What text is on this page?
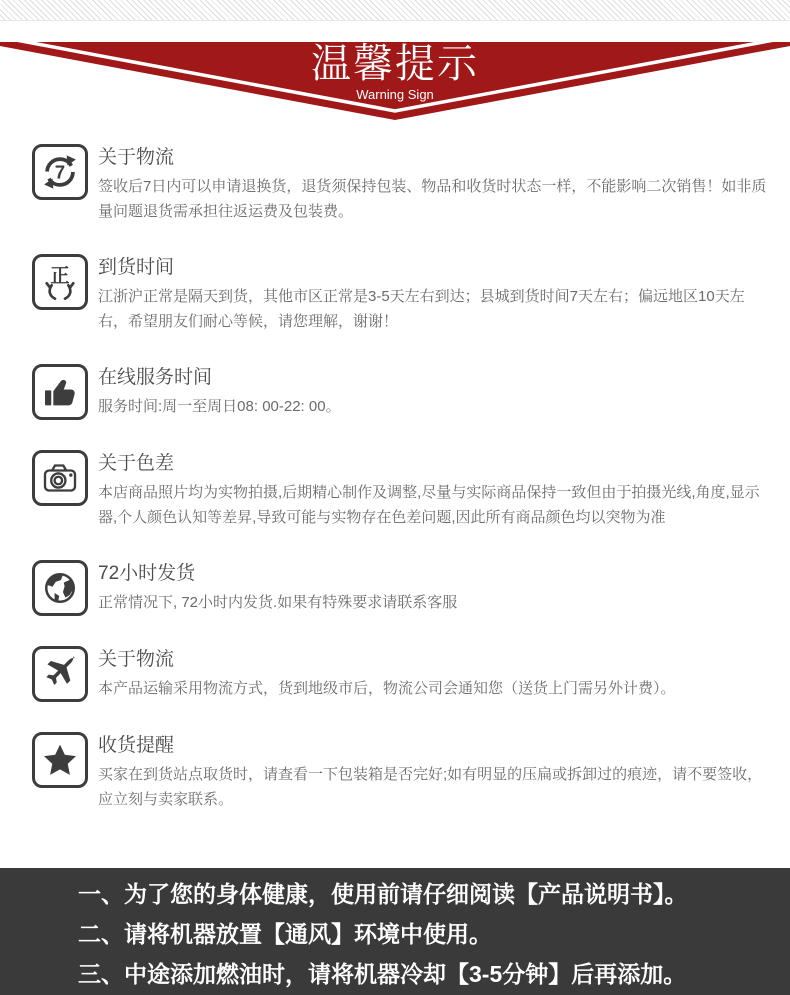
温馨提示
Warning Sign
7
关于物流
签收后7日内可以申请退换货，退货须保持包装、物品和收货时状态一样，不能影响二次销售！如非质量问题退货需承担往返运费及包装费。
正 到货时间
江浙沪正常是隔天到货，其他市区正常是3-5天左右到达；县城到货时间7天左右；偏远地区10天左右，希望朋友们耐心等候，请您理解，谢谢！
在线服务时间
服务时间:周一至周日08: 00-22: 00。
关于色差
本店商品照片均为实物拍摄,后期精心制作及调整,尽量与实际商品保持一致但由于拍摄光线,角度,显示器,个人颜色认知等差昇,导致可能与实物存在色差问题,因此所有商品颜色均以突物为准
72小时发货
正常情况下, 72小时内发货.如果有特殊要求请联系客服
关于物流
本产品运输采用物流方式，货到地级市后，物流公司会通知您（送货上门需另外计费）。
收货提醒
买家在到货站点取货时，请查看一下包装箱是否完好;如有明显的压扁或拆卸过的痕迹，请不要签收，应立刻与卖家联系。
一、为了您的身体健康，使用前请仔细阅读【产品说明书】。
二、请将机器放置【通风】环境中使用。
三、中途添加燃油时，请将机器冷却【3-5分钟】后再添加。
